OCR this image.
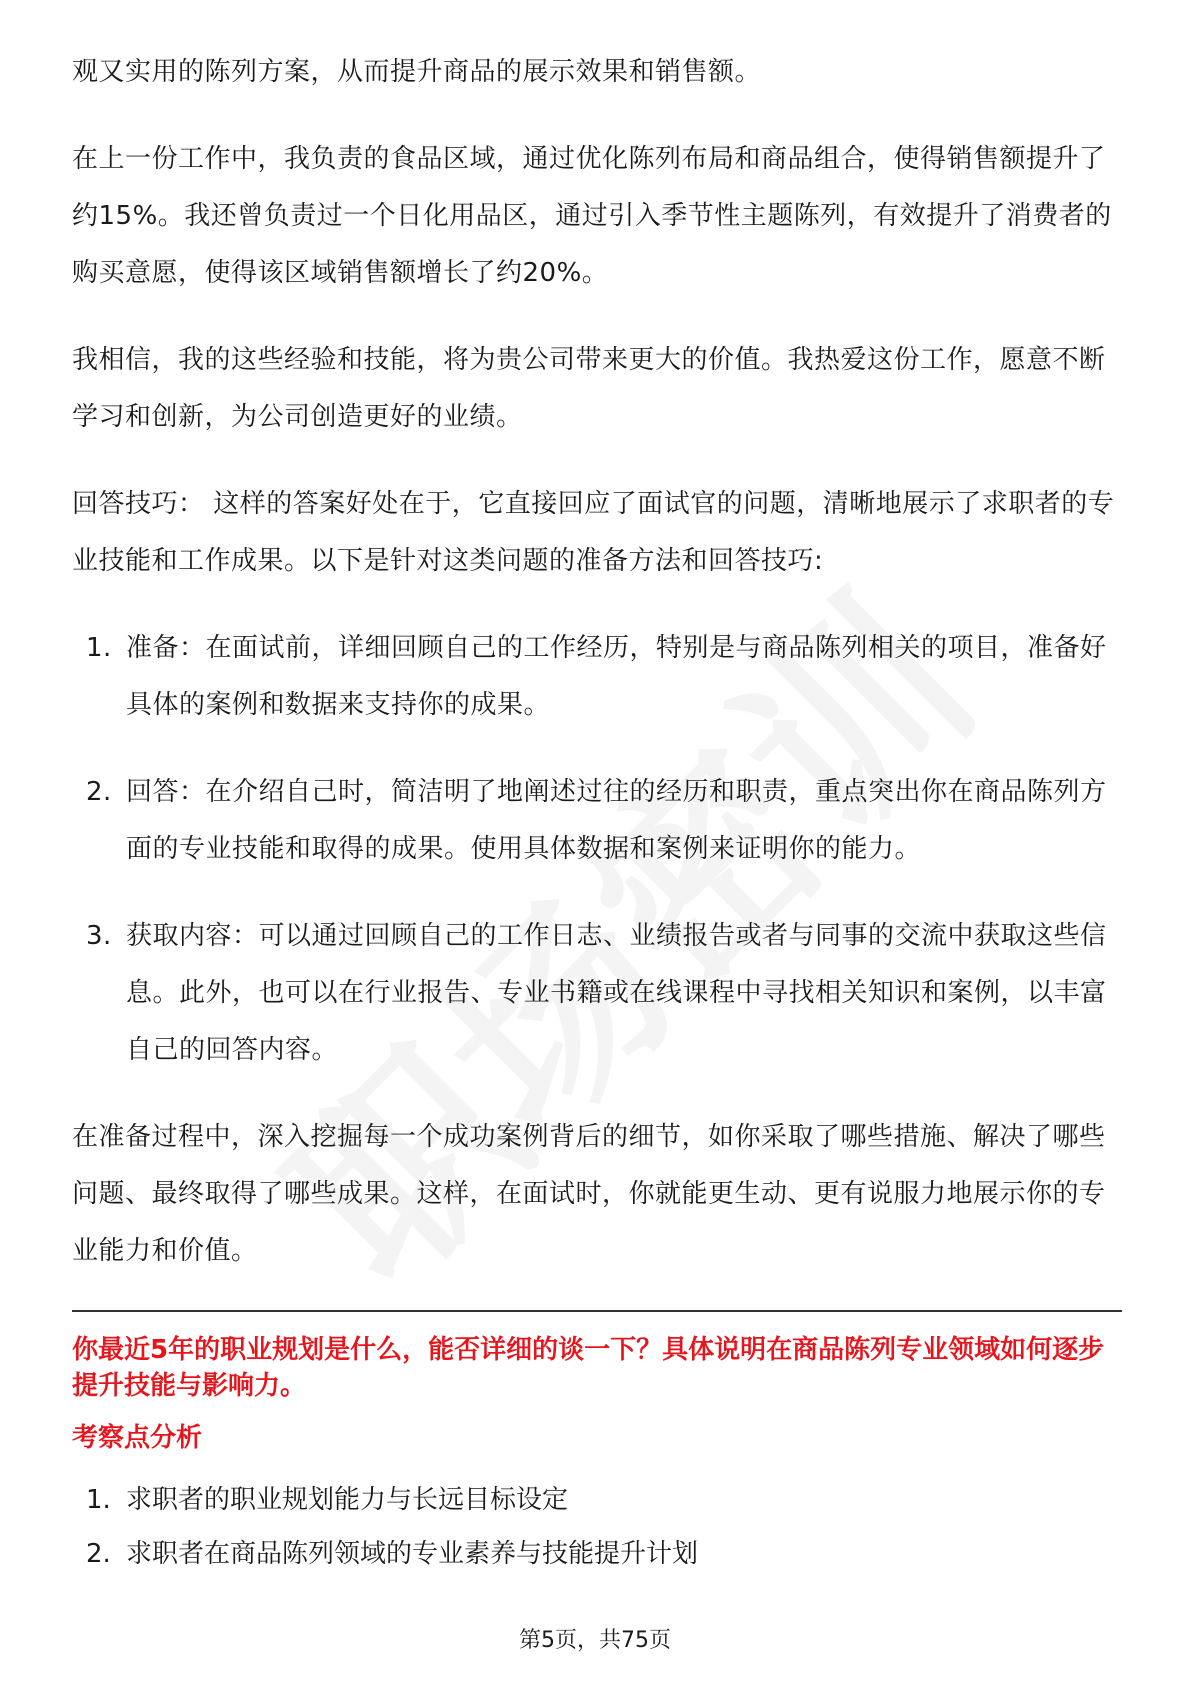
观又实用的陈列方案，从而提升商品的展示效果和销售额。

在上一份工作中，我负责的食品区域，通过优化陈列布局和商品组合，使得销售额提升了约15%。我还曾负责过一个日化用品区，通过引入季节性主题陈列，有效提升了消费者的购买意愿，使得该区域销售额增长了约20%。

我相信，我的这些经验和技能，将为贵公司带来更大的价值。我热爱这份工作，愿意不断学习和创新，为公司创造更好的业绩。

回答技巧： 这样的答案好处在于，它直接回应了面试官的问题，清晰地展示了求职者的专业技能和工作成果。以下是针对这类问题的准备方法和回答技巧:

1. 准备：在面试前，详细回顾自己的工作经历，特别是与商品陈列相关的项目，准备好具体的案例和数据来支持你的成果。
2. 回答：在介绍自己时，简洁明了地阐述过往的经历和职责，重点突出你在商品陈列方面的专业技能和取得的成果。使用具体数据和案例来证明你的能力。
3. 获取内容：可以通过回顾自己的工作日志、业绩报告或者与同事的交流中获取这些信息。此外，也可以在行业报告、专业书籍或在线课程中寻找相关知识和案例，以丰富自己的回答内容。

在准备过程中，深入挖掘每一个成功案例背后的细节，如你采取了哪些措施、解决了哪些问题、最终取得了哪些成果。这样，在面试时，你就能更生动、更有说服力地展示你的专业能力和价值。

你最近5年的职业规划是什么，能否详细的谈一下？具体说明在商品陈列专业领域如何逐步提升技能与影响力。
考察点分析
1. 求职者的职业规划能力与长远目标设定
2. 求职者在商品陈列领域的专业素养与技能提升计划
第5页，共75页
